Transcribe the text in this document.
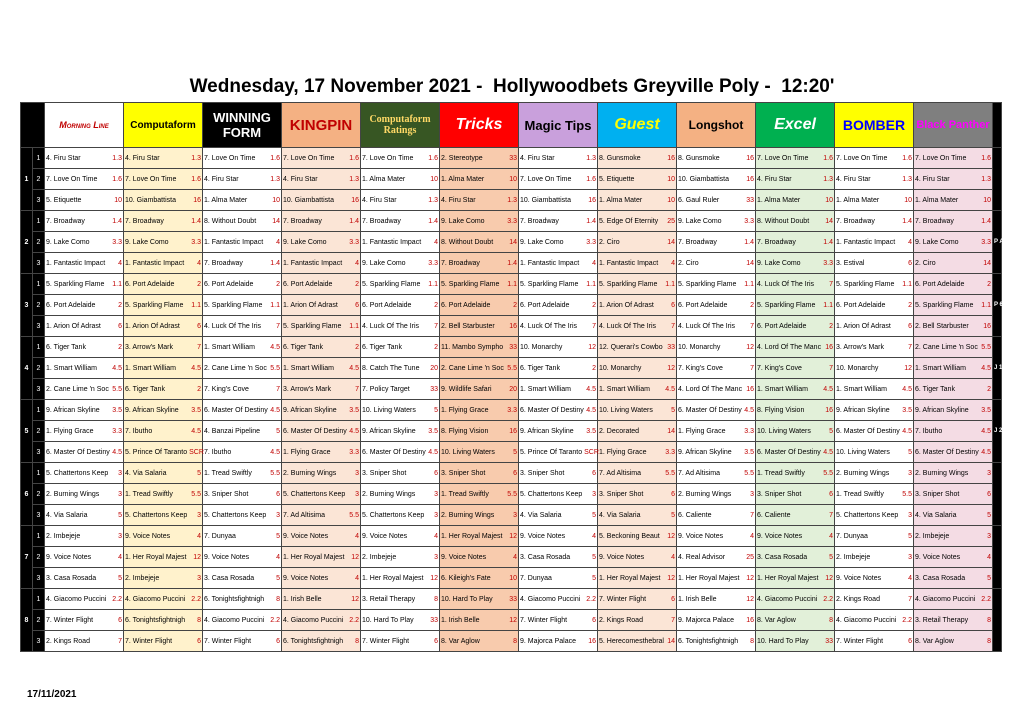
Wednesday, 17 November 2021 -  Hollywoodbets Greyville Poly -  12:20'

		Morning Line	Computaform	WINNING FORM	KINGPIN	Computaform Ratings	Tricks	Magic Tips	Guest	Longshot	Excel	BOMBER	Black Panther	

1	1	4. Firu Star 1.3	4. Firu Star 1.3	7. Love On Time 1.6	7. Love On Time 1.6	7. Love On Time 1.6	2. Stereotype 33	4. Firu Star 1.3	8. Gunsmoke 16	8. Gunsmoke 16	7. Love On Time 1.6	7. Love On Time 1.6	7. Love On Time 1.6	

	2	7. Love On Time 1.6	7. Love On Time 1.6	4. Firu Star 1.3	4. Firu Star 1.3	1. Alma Mater 10	1. Alma Mater 10	7. Love On Time 1.6	5. Etiquette 10	10. Giambattista 16	4. Firu Star 1.3	4. Firu Star 1.3	4. Firu Star 1.3	

	3	5. Etiquette 10	10. Giambattista 16	1. Alma Mater 10	10. Giambattista 16	4. Firu Star 1.3	4. Firu Star 1.3	10. Giambattista 16	1. Alma Mater 10	6. Gaul Ruler 33	1. Alma Mater 10	1. Alma Mater 10	1. Alma Mater 10	

2	1	7. Broadway 1.4	7. Broadway 1.4	8. Without Doubt 14	7. Broadway 1.4	7. Broadway 1.4	9. Lake Como 3.3	7. Broadway 1.4	5. Edge Of Eternity 25	9. Lake Como 3.3	8. Without Doubt 14	7. Broadway 1.4	7. Broadway 1.4	P A
	2	9. Lake Como 3.3	9. Lake Como 3.3	1. Fantastic Impact 4	9. Lake Como 3.3	1. Fantastic Impact 4	8. Without Doubt 14	9. Lake Como 3.3	2. Ciro 14	7. Broadway 1.4	7. Broadway 1.4	1. Fantastic Impact 4	9. Lake Como 3.3	

	3	1. Fantastic Impact 4	1. Fantastic Impact 4	7. Broadway 1.4	1. Fantastic Impact 4	9. Lake Como 3.3	7. Broadway 1.4	1. Fantastic Impact 4	1. Fantastic Impact 4	2. Ciro 14	9. Lake Como 3.3	3. Estival 6	2. Ciro 14	

3	1	5. Sparkling Flame 1.1	6. Port Adelaide 2	6. Port Adelaide 2	6. Port Adelaide 2	5. Sparkling Flame 1.1	5. Sparkling Flame 1.1	5. Sparkling Flame 1.1	5. Sparkling Flame 1.1	5. Sparkling Flame 1.1	4. Luck Of The Iris 7	5. Sparkling Flame 1.1	6. Port Adelaide 2	P 6
	2	6. Port Adelaide 2	5. Sparkling Flame 1.1	5. Sparkling Flame 1.1	1. Arion Of Adrast 6	6. Port Adelaide 2	6. Port Adelaide 2	6. Port Adelaide 2	1. Arion Of Adrast 6	6. Port Adelaide 2	5. Sparkling Flame 1.1	6. Port Adelaide 2	5. Sparkling Flame 1.1	

	3	1. Arion Of Adrast 6	1. Arion Of Adrast 6	4. Luck Of The Iris 7	5. Sparkling Flame 1.1	4. Luck Of The Iris 7	2. Bell Starbuster 16	4. Luck Of The Iris 7	4. Luck Of The Iris 7	4. Luck Of The Iris 7	6. Port Adelaide 2	1. Arion Of Adrast 6	2. Bell Starbuster 16	

4	1	6. Tiger Tank 2	3. Arrow's Mark 7	1. Smart William 4.5	6. Tiger Tank 2	6. Tiger Tank 2	11. Mambo Sympho 33	10. Monarchy 12	12. Querari's Cowbo 33	10. Monarchy 12	4. Lord Of The Manc 16	3. Arrow's Mark 7	2. Cane Lime 'n Soc 5.5	J 1
	2	1. Smart William 4.5	1. Smart William 4.5	2. Cane Lime 'n Soc 5.5	1. Smart William 4.5	8. Catch The Tune 20	2. Cane Lime 'n Soc 5.5	6. Tiger Tank 2	10. Monarchy 12	7. King's Cove 7	7. King's Cove 7	10. Monarchy 12	1. Smart William 4.5	

	3	2. Cane Lime 'n Soc 5.5	6. Tiger Tank 2	7. King's Cove 7	3. Arrow's Mark 7	7. Policy Target 33	9. Wildlife Safari 20	1. Smart William 4.5	1. Smart William 4.5	4. Lord Of The Manc 16	1. Smart William 4.5	1. Smart William 4.5	6. Tiger Tank 2	

5	1	9. African Skyline 3.5	9. African Skyline 3.5	6. Master Of Destiny 4.5	9. African Skyline 3.5	10. Living Waters 5	1. Flying Grace 3.3	6. Master Of Destiny 4.5	10. Living Waters 5	6. Master Of Destiny 4.5	8. Flying Vision 16	9. African Skyline 3.5	9. African Skyline 3.5	J 2
	2	1. Flying Grace 3.3	7. Ibutho 4.5	4. Banzai Pipeline 5	6. Master Of Destiny 4.5	9. African Skyline 3.5	8. Flying Vision 16	9. African Skyline 3.5	2. Decorated 14	1. Flying Grace 3.3	10. Living Waters 5	6. Master Of Destiny 4.5	7. Ibutho 4.5	

	3	6. Master Of Destiny 4.5	5. Prince Of Taranto SCR	7. Ibutho 4.5	1. Flying Grace 3.3	6. Master Of Destiny 4.5	10. Living Waters 5	5. Prince Of Taranto SCR	1. Flying Grace 3.3	9. African Skyline 3.5	6. Master Of Destiny 4.5	10. Living Waters 5	6. Master Of Destiny 4.5	

6	1	5. Chattertons Keep 3	4. Via Salaria 5	1. Tread Swiftly 5.5	2. Burning Wings 3	3. Sniper Shot 6	3. Sniper Shot 6	3. Sniper Shot 6	7. Ad Altisima 5.5	7. Ad Altisima 5.5	1. Tread Swiftly 5.5	2. Burning Wings 3	2. Burning Wings 3	

	2	2. Burning Wings 3	1. Tread Swiftly 5.5	3. Sniper Shot 6	5. Chattertons Keep 3	2. Burning Wings 3	1. Tread Swiftly 5.5	5. Chattertons Keep 3	3. Sniper Shot 6	2. Burning Wings 3	3. Sniper Shot 6	1. Tread Swiftly 5.5	3. Sniper Shot 6	

	3	4. Via Salaria 5	5. Chattertons Keep 3	5. Chattertons Keep 3	7. Ad Altisima 5.5	5. Chattertons Keep 3	2. Burning Wings 3	4. Via Salaria 5	4. Via Salaria 5	6. Caliente 7	6. Caliente 7	5. Chattertons Keep 3	4. Via Salaria 5	

7	1	2. Imbejeje 3	9. Voice Notes 4	7. Dunyaa 5	9. Voice Notes 4	9. Voice Notes 4	1. Her Royal Majest 12	9. Voice Notes 4	5. Beckoning Beaut 12	9. Voice Notes 4	9. Voice Notes 4	7. Dunyaa 5	2. Imbejeje 3	

	2	9. Voice Notes 4	1. Her Royal Majest 12	9. Voice Notes 4	1. Her Royal Majest 12	2. Imbejeje 3	9. Voice Notes 4	3. Casa Rosada 5	9. Voice Notes 4	4. Real Advisor 25	3. Casa Rosada 5	2. Imbejeje 3	9. Voice Notes 4	

	3	3. Casa Rosada 5	2. Imbejeje 3	3. Casa Rosada 5	9. Voice Notes 4	1. Her Royal Majest 12	6. Kileigh's Fate 10	7. Dunyaa 5	1. Her Royal Majest 12	1. Her Royal Majest 12	1. Her Royal Majest 12	9. Voice Notes 4	3. Casa Rosada 5	

8	1	4. Giacomo Puccini 2.2	4. Giacomo Puccini 2.2	6. Tonightsfightnigh 8	1. Irish Belle 12	3. Retail Therapy 8	10. Hard To Play 33	4. Giacomo Puccini 2.2	7. Winter Flight 6	1. Irish Belle 12	4. Giacomo Puccini 2.2	2. Kings Road 7	4. Giacomo Puccini 2.2	

	2	7. Winter Flight 6	6. Tonightsfightnigh 8	4. Giacomo Puccini 2.2	4. Giacomo Puccini 2.2	10. Hard To Play 33	1. Irish Belle 12	7. Winter Flight 6	2. Kings Road 7	9. Majorca Palace 16	8. Var Aglow 8	4. Giacomo Puccini 2.2	3. Retail Therapy 8	

	3	2. Kings Road 7	7. Winter Flight 6	7. Winter Flight 6	6. Tonightsfightnigh 8	7. Winter Flight 6	8. Var Aglow 8	9. Majorca Palace 16	5. Herecomesthebral 14	6. Tonightsfightnigh 8	10. Hard To Play 33	7. Winter Flight 6	8. Var Aglow 8	
17/11/2021
